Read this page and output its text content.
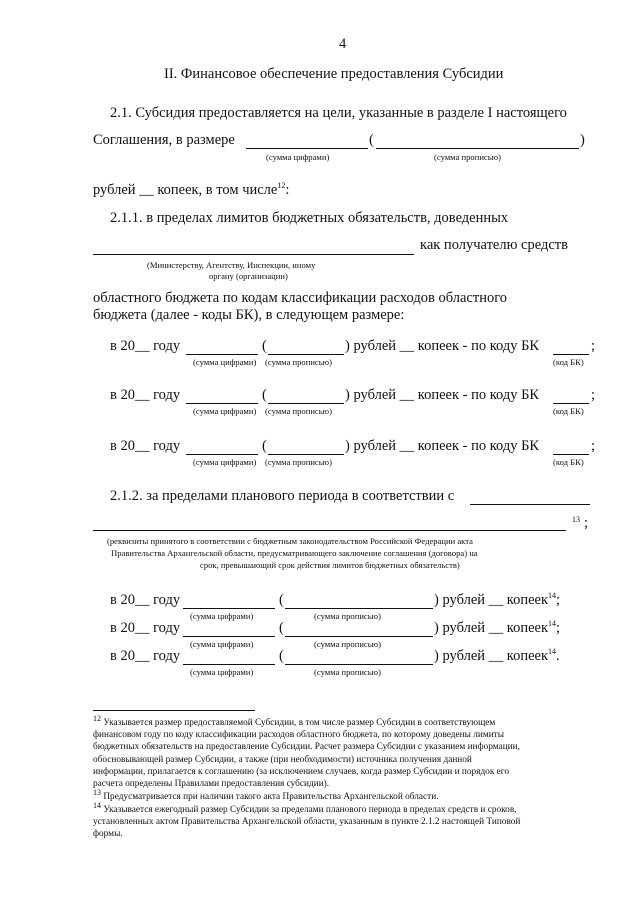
4
II. Финансовое обеспечение предоставления Субсидии
2.1. Субсидия предоставляется на цели, указанные в разделе I настоящего
Соглашения, в размере	(	)
(сумма цифрами)	(сумма прописью)
рублей __ копеек, в том числе$^{12}$:
2.1.1. в пределах лимитов бюджетных обязательств, доведенных
как получателю средств
(Министерству, Агентству, Инспекции, иному
органу (организации)
областного бюджета по кодам классификации расходов областного
бюджета (далее - коды БК), в следующем размере:
в 20__ году	(	) рублей __ копеек - по коду БК	;
(сумма цифрами) (сумма прописью)	(код БК)
в 20__ году	(	) рублей __ копеек - по коду БК	;
(сумма цифрами) (сумма прописью)	(код БК)
в 20__ году	(	) рублей __ копеек - по коду БК	;
(сумма цифрами) (сумма прописью)	(код БК)
2.1.2. за пределами планового периода в соответствии с
13 ;
(реквизиты принятого в соответствии с бюджетным законодательством Российской Федерации акта
Правительства Архангельской области, предусматривающего заключение соглашения (договора) на
срок, превышающий срок действия лимитов бюджетных обязательств)
в 20__ году	(	) рублей __ копеек$^{14}$;
(сумма цифрами)	(сумма прописью)
в 20__ году	(	) рублей __ копеек$^{14}$;
(сумма цифрами)	(сумма прописью)
в 20__ году	(	) рублей __ копеек$^{14}$.
(сумма цифрами)	(сумма прописью)
$^{12}$ Указывается размер предоставляемой Субсидии, в том числе размер Субсидии в соответствующем
финансовом году по коду классификации расходов областного бюджета, по которому доведены лимиты
бюджетных обязательств на предоставление Субсидии. Расчет размера Субсидии с указанием информации,
обосновывающей размер Субсидии, а также (при необходимости) источника получения данной
информации, прилагается к соглашению (за исключением случаев, когда размер Субсидии и порядок его
расчета определены Правилами предоставления субсидии).
$^{13}$ Предусматривается при наличии такого акта Правительства Архангельской области.
$^{14}$ Указывается ежегодный размер Субсидии за пределами планового периода в пределах средств и сроков,
установленных актом Правительства Архангельской области, указанным в пункте 2.1.2 настоящей Типовой
формы.
